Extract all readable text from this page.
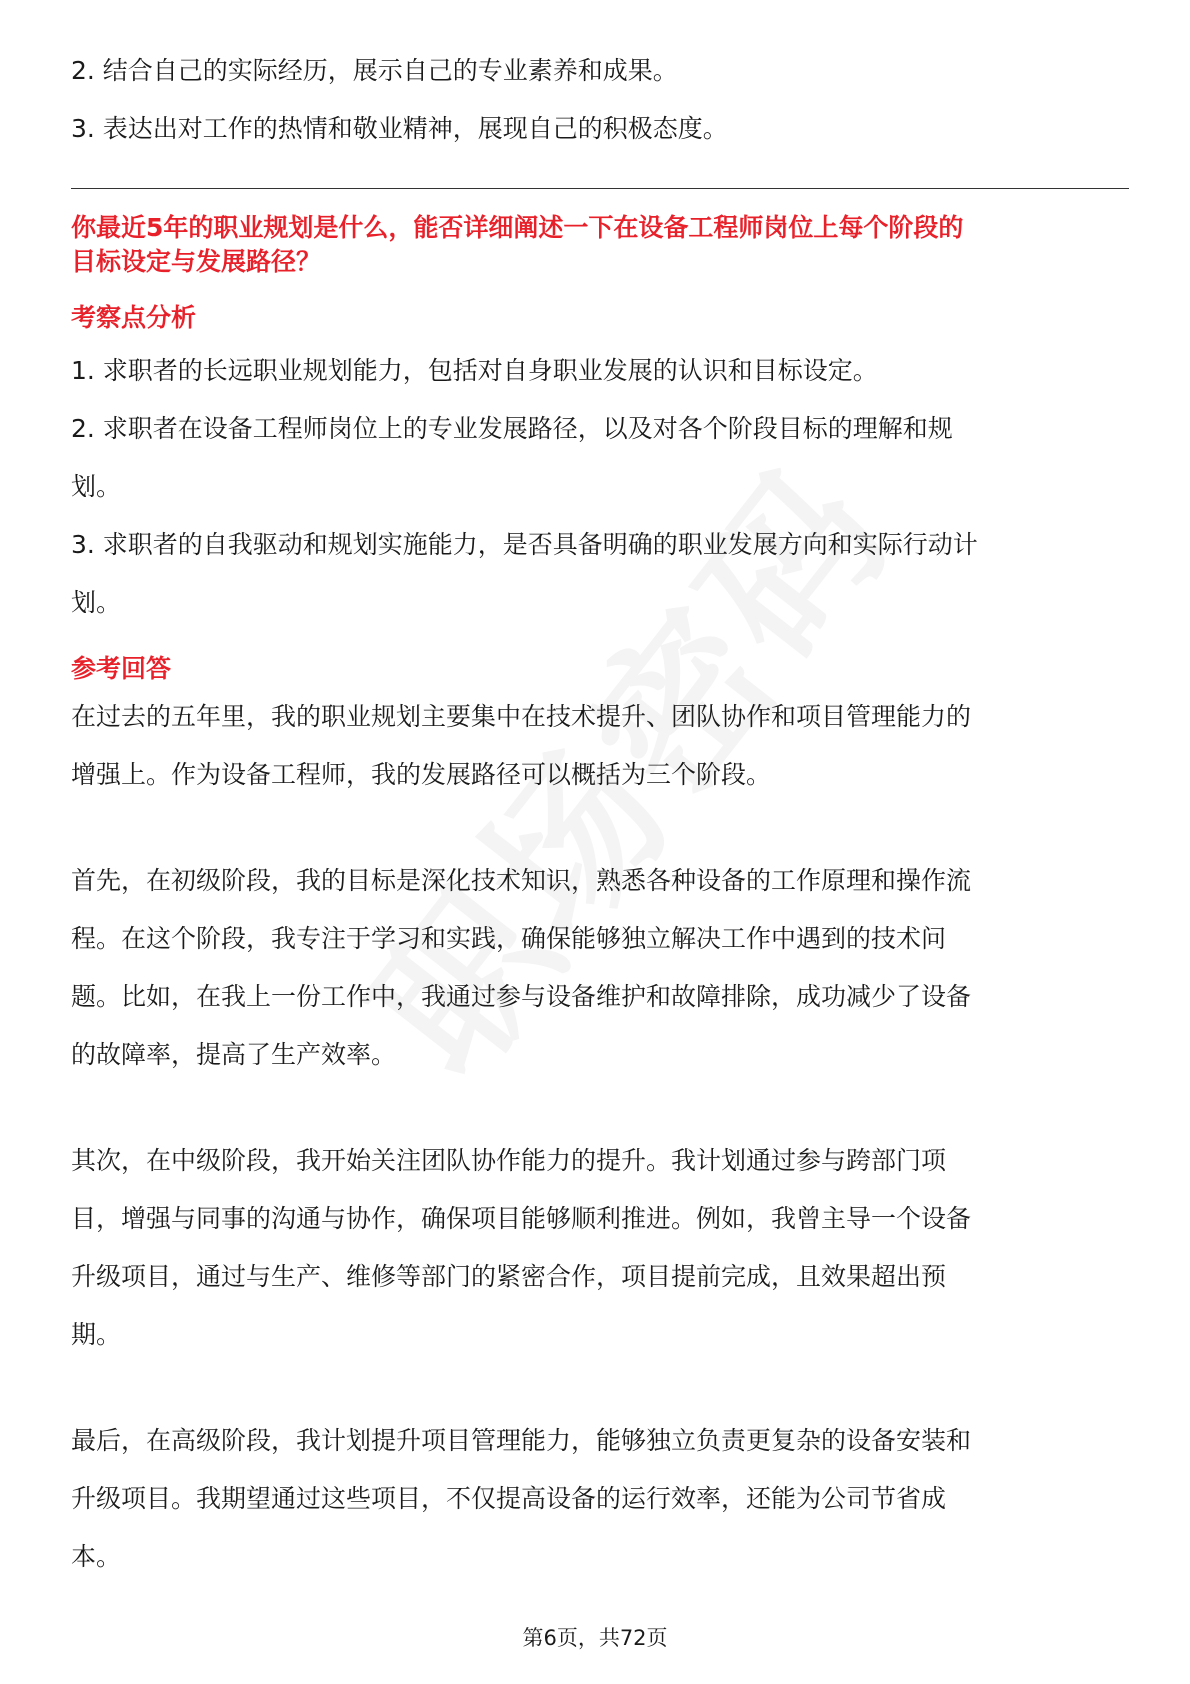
2. 结合自己的实际经历，展示自己的专业素养和成果。

3. 表达出对工作的热情和敬业精神，展现自己的积极态度。

你最近5年的职业规划是什么，能否详细阐述一下在设备工程师岗位上每个阶段的

目标设定与发展路径？

考察点分析

1. 求职者的长远职业规划能力，包括对自身职业发展的认识和目标设定。

2. 求职者在设备工程师岗位上的专业发展路径，以及对各个阶段目标的理解和规

划。

3. 求职者的自我驱动和规划实施能力，是否具备明确的职业发展方向和实际行动计

划。

参考回答

在过去的五年里，我的职业规划主要集中在技术提升、团队协作和项目管理能力的

增强上。作为设备工程师，我的发展路径可以概括为三个阶段。

首先，在初级阶段，我的目标是深化技术知识，熟悉各种设备的工作原理和操作流

程。在这个阶段，我专注于学习和实践，确保能够独立解决工作中遇到的技术问

题。比如，在我上一份工作中，我通过参与设备维护和故障排除，成功减少了设备

的故障率，提高了生产效率。

其次，在中级阶段，我开始关注团队协作能力的提升。我计划通过参与跨部门项

目，增强与同事的沟通与协作，确保项目能够顺利推进。例如，我曾主导一个设备

升级项目，通过与生产、维修等部门的紧密合作，项目提前完成，且效果超出预

期。

最后，在高级阶段，我计划提升项目管理能力，能够独立负责更复杂的设备安装和

升级项目。我期望通过这些项目，不仅提高设备的运行效率，还能为公司节省成

本。

第6页，共72页
